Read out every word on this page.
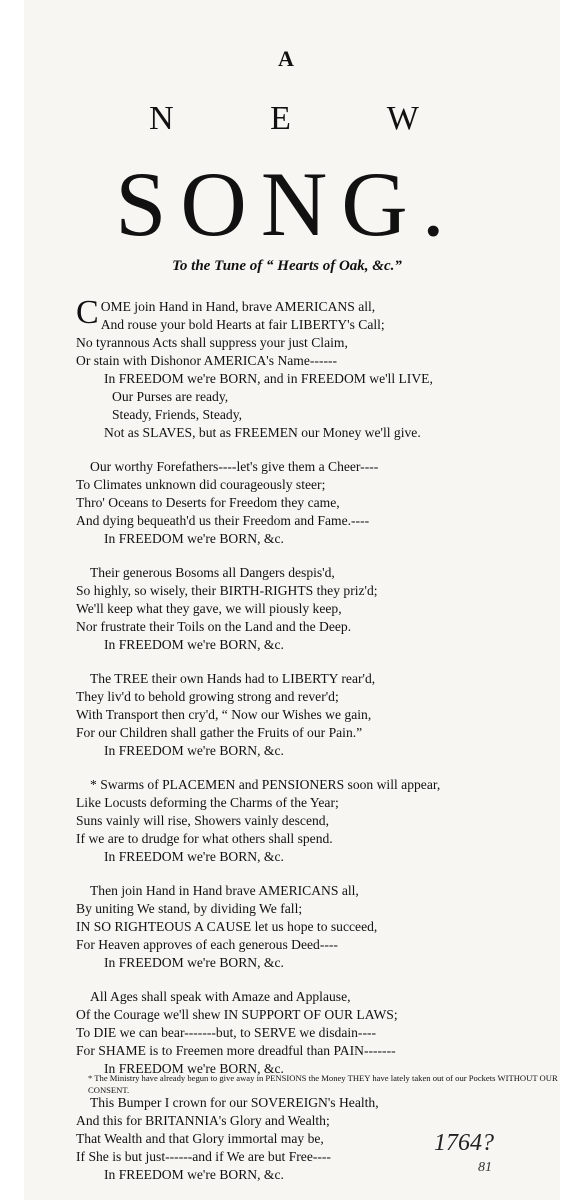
A
N E W
SONG.
To the Tune of “ Hearts of Oak, &c.”
C OME join Hand in Hand, brave AMERICANS all,
And rouse your bold Hearts at fair LIBERTY's Call;
No tyrannous Acts shall suppress your just Claim,
Or stain with Dishonor AMERICA's Name------
In FREEDOM we're BORN, and in FREEDOM we'll LIVE,
Our Purses are ready,
Steady, Friends, Steady,
Not as SLAVES, but as FREEMEN our Money we'll give.
Our worthy Forefathers----let's give them a Cheer----
To Climates unknown did courageously steer;
Thro' Oceans to Deserts for Freedom they came,
And dying bequeath'd us their Freedom and Fame.----
In FREEDOM we're BORN, &c.
Their generous Bosoms all Dangers despis'd,
So highly, so wisely, their BIRTH-RIGHTS they priz'd;
We'll keep what they gave, we will piously keep,
Nor frustrate their Toils on the Land and the Deep.
In FREEDOM we're BORN, &c.
The TREE their own Hands had to LIBERTY rear'd,
They liv'd to behold growing strong and rever'd;
With Transport then cry'd, “ Now our Wishes we gain,
For our Children shall gather the Fruits of our Pain.”
In FREEDOM we're BORN, &c.
* Swarms of PLACEMEN and PENSIONERS soon will appear,
Like Locusts deforming the Charms of the Year;
Suns vainly will rise, Showers vainly descend,
If we are to drudge for what others shall spend.
In FREEDOM we're BORN, &c.
Then join Hand in Hand brave AMERICANS all,
By uniting We stand, by dividing We fall;
IN SO RIGHTEOUS A CAUSE let us hope to succeed,
For Heaven approves of each generous Deed----
In FREEDOM we're BORN, &c.
All Ages shall speak with Amaze and Applause,
Of the Courage we'll shew IN SUPPORT OF OUR LAWS;
To DIE we can bear-------but, to SERVE we disdain----
For SHAME is to Freemen more dreadful than PAIN-------
In FREEDOM we're BORN, &c.
This Bumper I crown for our SOVEREIGN's Health,
And this for BRITANNIA's Glory and Wealth;
That Wealth and that Glory immortal may be,
If She is but just------and if We are but Free----
In FREEDOM we're BORN, &c.
* The Ministry have already begun to give away in PENSIONS the Money THEY have lately taken out of our Pockets WITHOUT OUR CONSENT.
1764?
81
